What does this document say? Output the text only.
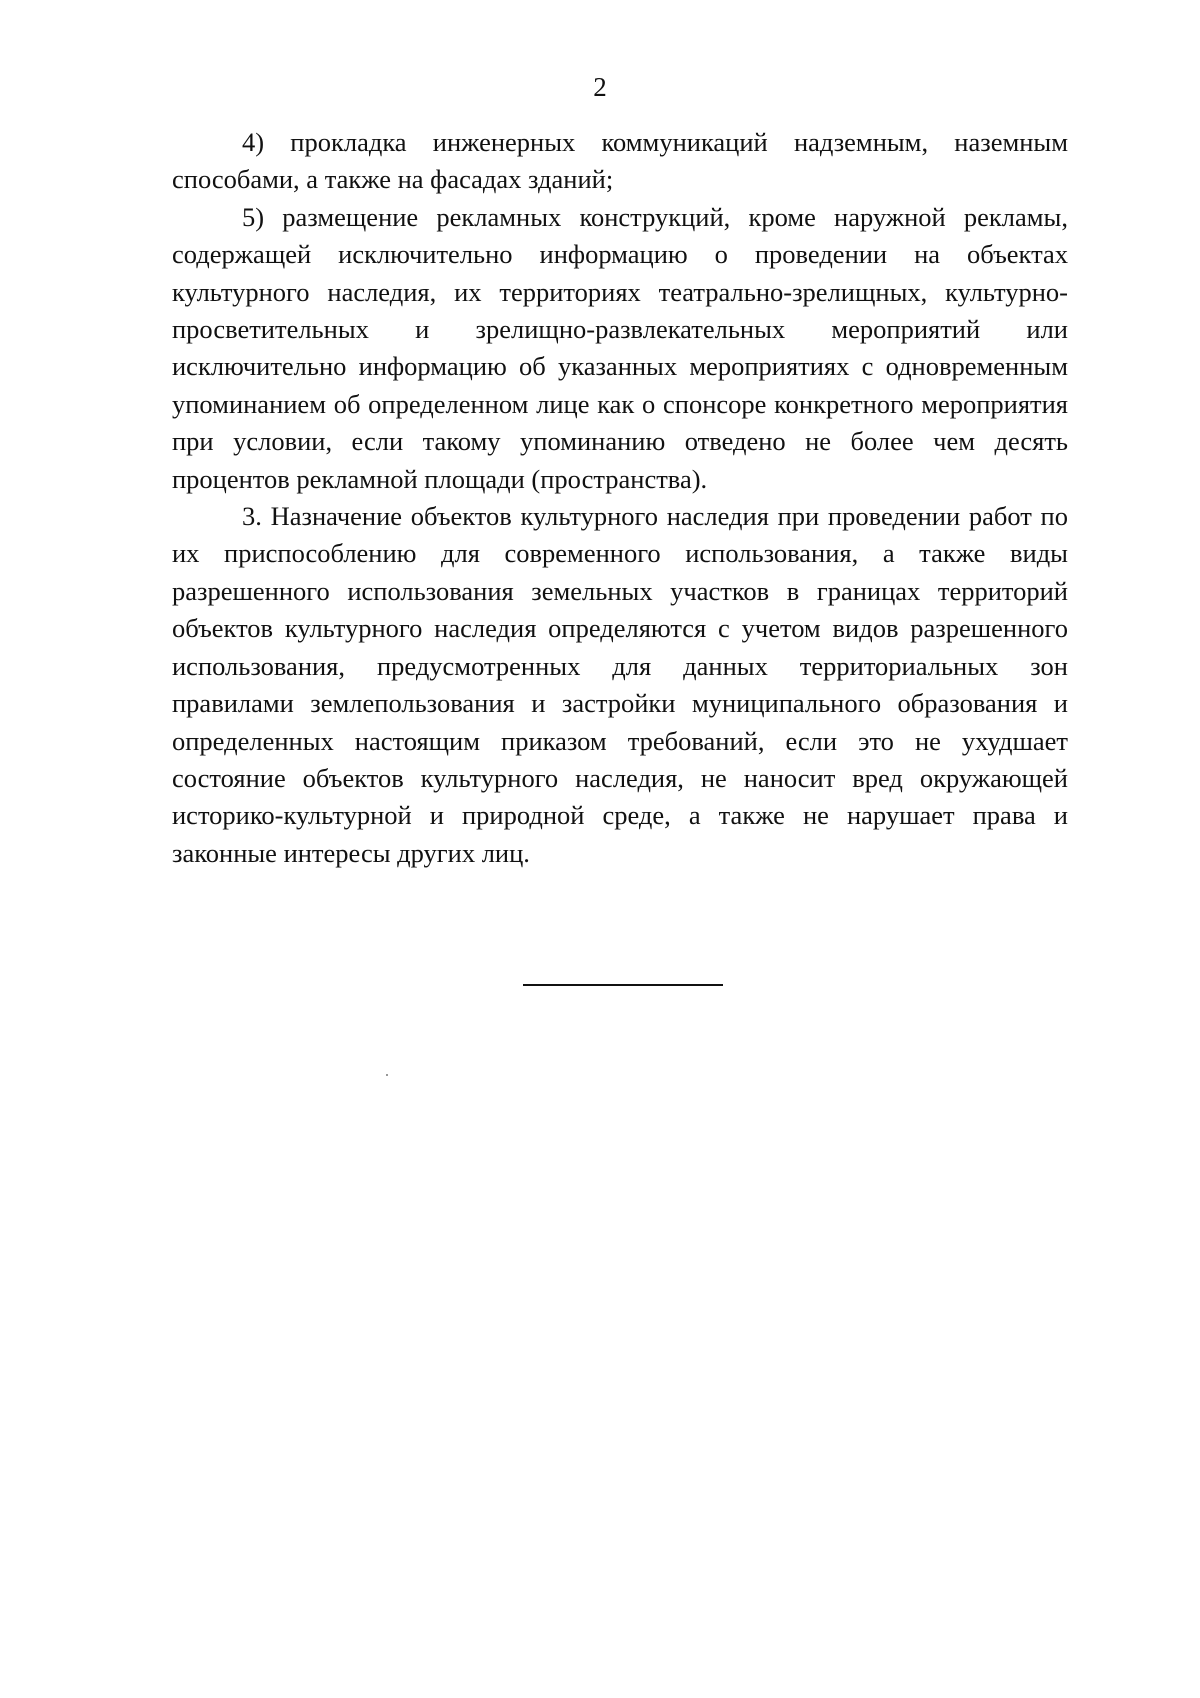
2

4) прокладка инженерных коммуникаций надземным, наземным способами, а также на фасадах зданий;

5) размещение рекламных конструкций, кроме наружной рекламы, содержащей исключительно информацию о проведении на объектах культурного наследия, их территориях театрально-зрелищных, культурно-просветительных и зрелищно-развлекательных мероприятий или исключительно информацию об указанных мероприятиях с одновременным упоминанием об определенном лице как о спонсоре конкретного мероприятия при условии, если такому упоминанию отведено не более чем десять процентов рекламной площади (пространства).

3. Назначение объектов культурного наследия при проведении работ по их приспособлению для современного использования, а также виды разрешенного использования земельных участков в границах территорий объектов культурного наследия определяются с учетом видов разрешенного использования, предусмотренных для данных территориальных зон правилами землепользования и застройки муниципального образования и определенных настоящим приказом требований, если это не ухудшает состояние объектов культурного наследия, не наносит вред окружающей историко-культурной и природной среде, а также не нарушает права и законные интересы других лиц.
